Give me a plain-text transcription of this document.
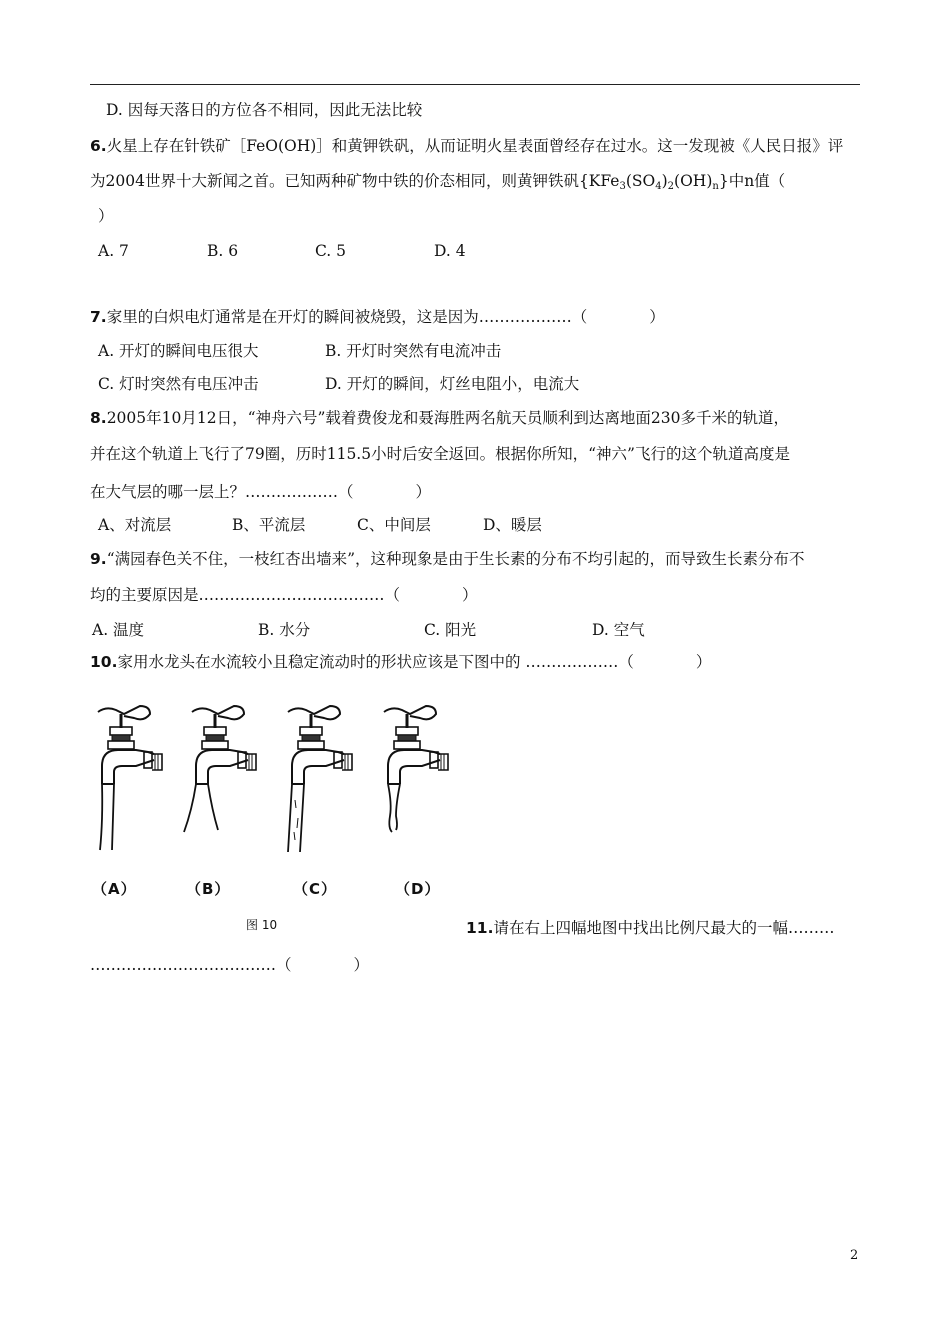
D. 因每天落日的方位各不相同，因此无法比较
6.火星上存在针铁矿［FeO(OH)］和黄钾铁矾，从而证明火星表面曾经存在过水。这一发现被《人民日报》评
为2004世界十大新闻之首。已知两种矿物中铁的价态相同，则黄钾铁矾$\{KFe_3(SO_4)_2(OH)_n\}$中n值（
）
A. 7	B. 6	C. 5	D. 4
7.家里的白炽电灯通常是在开灯的瞬间被烧毁，这是因为………………（　　　　）
A. 开灯的瞬间电压很大	B. 开灯时突然有电流冲击
C. 灯时突然有电压冲击	D. 开灯的瞬间，灯丝电阻小，电流大
8.2005年10月12日，“神舟六号”载着费俊龙和聂海胜两名航天员顺利到达离地面230多千米的轨道，
并在这个轨道上飞行了79圈，历时115.5小时后安全返回。根据你所知，“神六”飞行的这个轨道高度是
在大气层的哪一层上？………………（　　　　）
A、对流层	B、平流层	C、中间层	D、暖层
9.“满园春色关不住，一枝红杏出墙来”，这种现象是由于生长素的分布不均引起的，而导致生长素分布不
均的主要原因是………………………………（　　　　）
A. 温度	B. 水分	C. 阳光	D. 空气
10.家用水龙头在水流较小且稳定流动时的形状应该是下图中的 ………………（　　　　）
（A）	（B）	（C）	（D）
图 10	11.请在右上四幅地图中找出比例尺最大的一幅………
………………………………（　　　　）
2
